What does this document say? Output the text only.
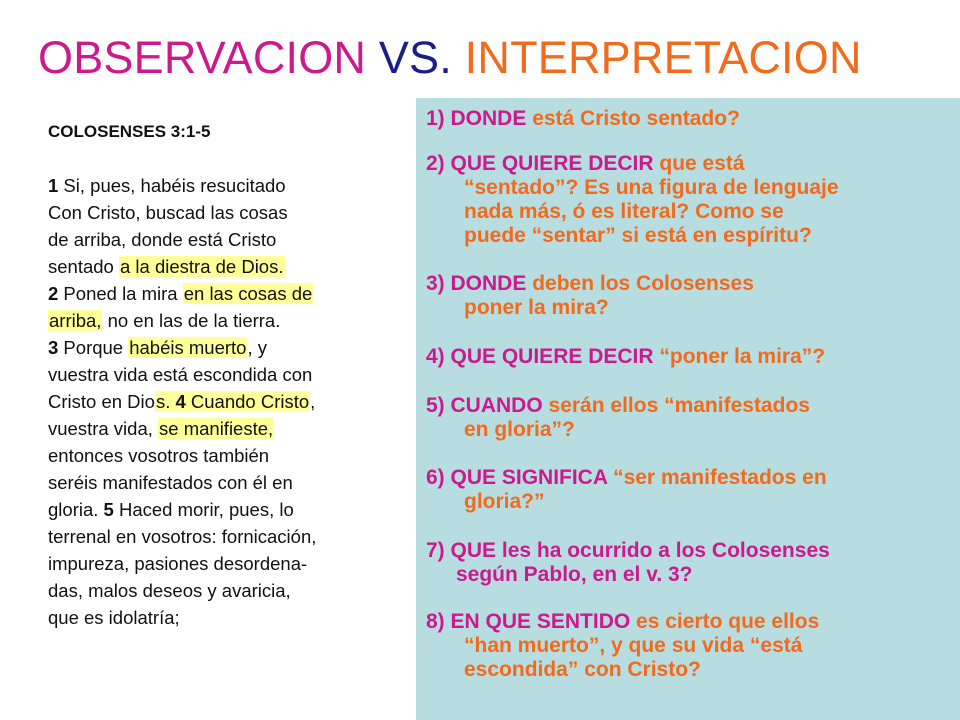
OBSERVACION VS. INTERPRETACION
COLOSENSES 3:1-5
1 Si, pues, habéis resucitado
Con Cristo, buscad las cosas
de arriba, donde está Cristo
sentado a la diestra de Dios.
2 Poned la mira en las cosas de
arriba, no en las de la tierra.
3 Porque habéis muerto, y
vuestra vida está escondida con
Cristo en Dios. 4 Cuando Cristo,
vuestra vida, se manifieste,
entonces vosotros también
seréis manifestados con él en
gloria. 5 Haced morir, pues, lo
terrenal en vosotros: fornicación,
impureza, pasiones desordena-
das, malos deseos y avaricia,
que es idolatría;
1) DONDE está Cristo sentado?
2) QUE QUIERE DECIR que está
“sentado”? Es una figura de lenguaje
nada más, ó es literal? Como se
puede “sentar” si está en espíritu?
3) DONDE deben los Colosenses
poner la mira?
4) QUE QUIERE DECIR “poner la mira”?
5) CUANDO serán ellos “manifestados
en gloria”?
6) QUE SIGNIFICA “ser manifestados en
gloria?”
7) QUE les ha ocurrido a los Colosenses
según Pablo, en el v. 3?
8) EN QUE SENTIDO es cierto que ellos
“han muerto”, y que su vida “está
escondida” con Cristo?
